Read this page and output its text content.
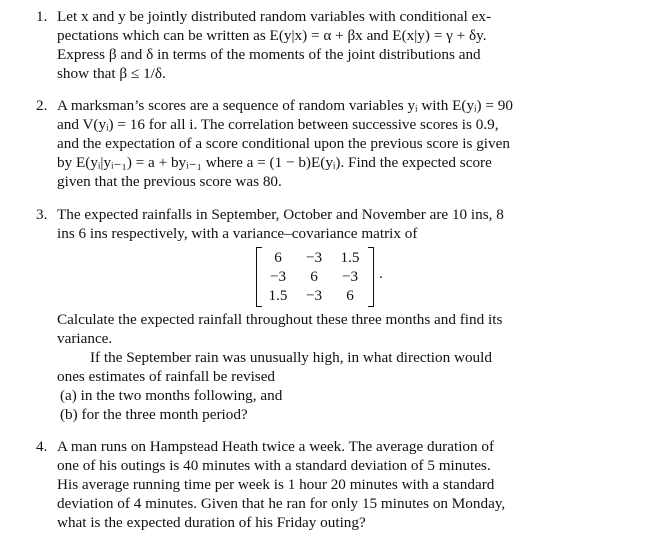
1. Let x and y be jointly distributed random variables with conditional ex-
pectations which can be written as E(y|x) = α + βx and E(x|y) = γ + δy.
Express β and δ in terms of the moments of the joint distributions and
show that β ≤ 1/δ.
2. A marksman’s scores are a sequence of random variables yᵢ with E(yᵢ) = 90
and V(yᵢ) = 16 for all i. The correlation between successive scores is 0.9,
and the expectation of a score conditional upon the previous score is given
by E(yᵢ|yᵢ₋₁) = a + byᵢ₋₁ where a = (1 − b)E(yᵢ). Find the expected score
given that the previous score was 80.
3. The expected rainfalls in September, October and November are 10 ins, 8
ins 6 ins respectively, with a variance–covariance matrix of
6	−3	1.5
−3	6	−3
1.5	−3	6
.
Calculate the expected rainfall throughout these three months and find its
variance.
If the September rain was unusually high, in what direction would
ones estimates of rainfall be revised
(a) in the two months following, and
(b) for the three month period?
4. A man runs on Hampstead Heath twice a week. The average duration of
one of his outings is 40 minutes with a standard deviation of 5 minutes.
His average running time per week is 1 hour 20 minutes with a standard
deviation of 4 minutes. Given that he ran for only 15 minutes on Monday,
what is the expected duration of his Friday outing?
